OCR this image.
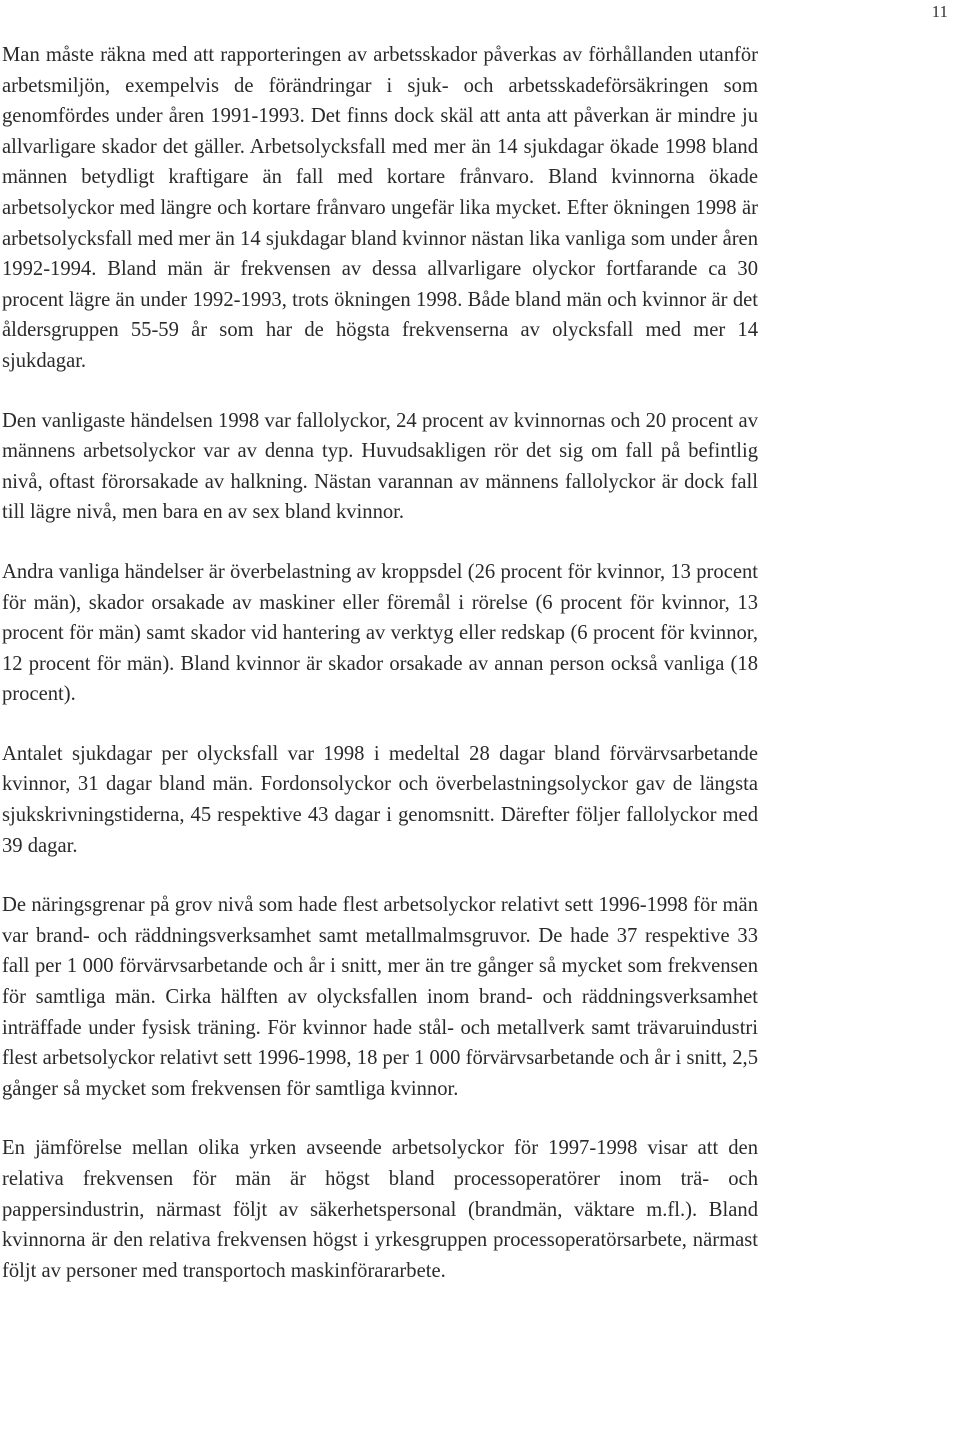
11

Man måste räkna med att rapporteringen av arbetsskador påverkas av förhållanden utanför arbetsmiljön, exempelvis de förändringar i sjuk- och arbetsskadeförsäkringen som genomfördes under åren 1991-1993. Det finns dock skäl att anta att påverkan är mindre ju allvarligare skador det gäller. Arbetsolycksfall med mer än 14 sjukdagar ökade 1998 bland männen betydligt kraftigare än fall med kortare frånvaro. Bland kvinnorna ökade arbetsolyckor med längre och kortare frånvaro ungefär lika mycket. Efter ökningen 1998 är arbetsolycksfall med mer än 14 sjukdagar bland kvinnor nästan lika vanliga som under åren 1992-1994. Bland män är frekvensen av dessa allvarligare olyckor fortfarande ca 30 procent lägre än under 1992-1993, trots ökningen 1998. Både bland män och kvinnor är det åldersgruppen 55-59 år som har de högsta frekvenserna av olycksfall med mer 14 sjukdagar.

Den vanligaste händelsen 1998 var fallolyckor, 24 procent av kvinnornas och 20 procent av männens arbetsolyckor var av denna typ. Huvudsakligen rör det sig om fall på befintlig nivå, oftast förorsakade av halkning. Nästan varannan av männens fallolyckor är dock fall till lägre nivå, men bara en av sex bland kvinnor.

Andra vanliga händelser är överbelastning av kroppsdel (26 procent för kvinnor, 13 procent för män), skador orsakade av maskiner eller föremål i rörelse (6 procent för kvinnor, 13 procent för män) samt skador vid hantering av verktyg eller redskap (6 procent för kvinnor, 12 procent för män). Bland kvinnor är skador orsakade av annan person också vanliga (18 procent).

Antalet sjukdagar per olycksfall var 1998 i medeltal 28 dagar bland förvärvsarbetande kvinnor, 31 dagar bland män. Fordonsolyckor och överbelastningsolyckor gav de längsta sjukskrivningstiderna, 45 respektive 43 dagar i genomsnitt. Därefter följer fallolyckor med 39 dagar.

De näringsgrenar på grov nivå som hade flest arbetsolyckor relativt sett 1996-1998 för män var brand- och räddningsverksamhet samt metallmalmsgruvor. De hade 37 respektive 33 fall per 1 000 förvärvsarbetande och år i snitt, mer än tre gånger så mycket som frekvensen för samtliga män. Cirka hälften av olycksfallen inom brand- och räddningsverksamhet inträffade under fysisk träning. För kvinnor hade stål- och metallverk samt trävaruindustri flest arbetsolyckor relativt sett 1996-1998, 18 per 1 000 förvärvsarbetande och år i snitt, 2,5 gånger så mycket som frekvensen för samtliga kvinnor.

En jämförelse mellan olika yrken avseende arbetsolyckor för 1997-1998 visar att den relativa frekvensen för män är högst bland processoperatörer inom trä- och pappersindustrin, närmast följt av säkerhetspersonal (brandmän, väktare m.fl.). Bland kvinnorna är den relativa frekvensen högst i yrkesgruppen processoperatörsarbete, närmast följt av personer med transportoch maskinförararbete.
